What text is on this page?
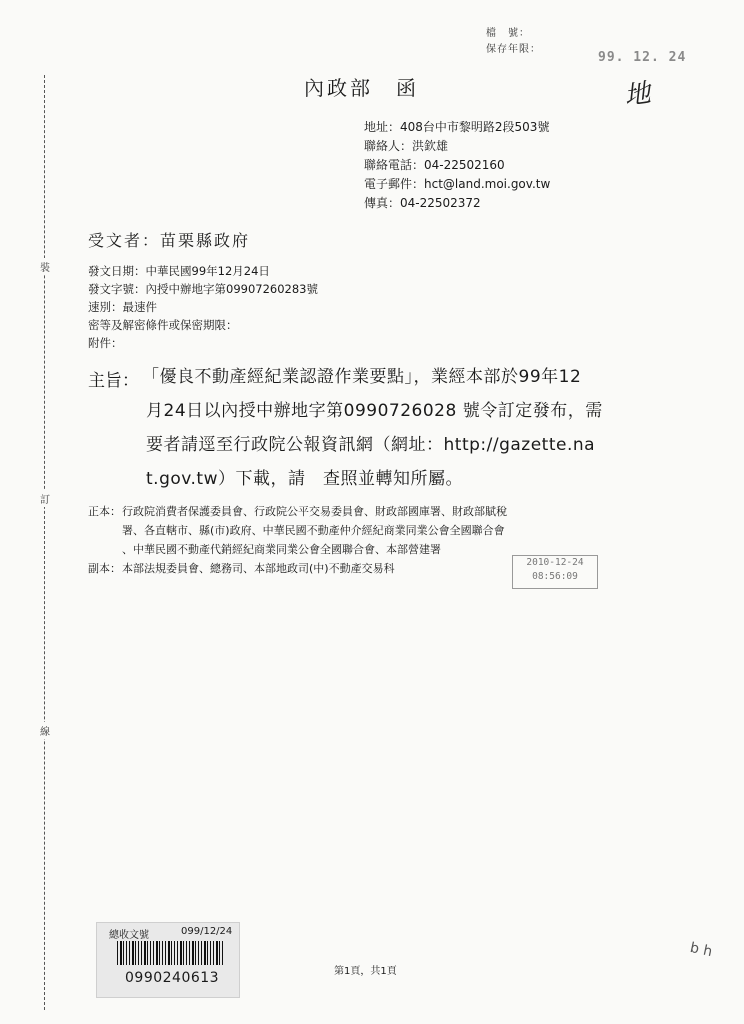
裝
訂
線
檔　號：
保存年限：
99. 12. 24
地
內政部　函
地址：408台中市黎明路2段503號
聯絡人：洪欽雄
聯絡電話：04-22502160
電子郵件：hct@land.moi.gov.tw
傳真：04-22502372
受文者：苗栗縣政府
發文日期：中華民國99年12月24日
發文字號：內授中辦地字第09907260283號
速別：最速件
密等及解密條件或保密期限：
附件：
主旨： 「優良不動產經紀業認證作業要點」，業經本部於99年12
月24日以內授中辦地字第0990726028 號令訂定發布，需
要者請逕至行政院公報資訊網（網址：http://gazette.na
t.gov.tw）下載，請　查照並轉知所屬。
正本： 行政院消費者保護委員會、行政院公平交易委員會、財政部國庫署、財政部賦稅
署、各直轄市、縣(市)政府、中華民國不動產仲介經紀商業同業公會全國聯合會
、中華民國不動產代銷經紀商業同業公會全國聯合會、本部營建署
副本： 本部法規委員會、總務司、本部地政司(中)不動產交易科	2010-12-24
08:56:09
第1頁，共1頁
總收文號	099/12/24
0990240613
b h
